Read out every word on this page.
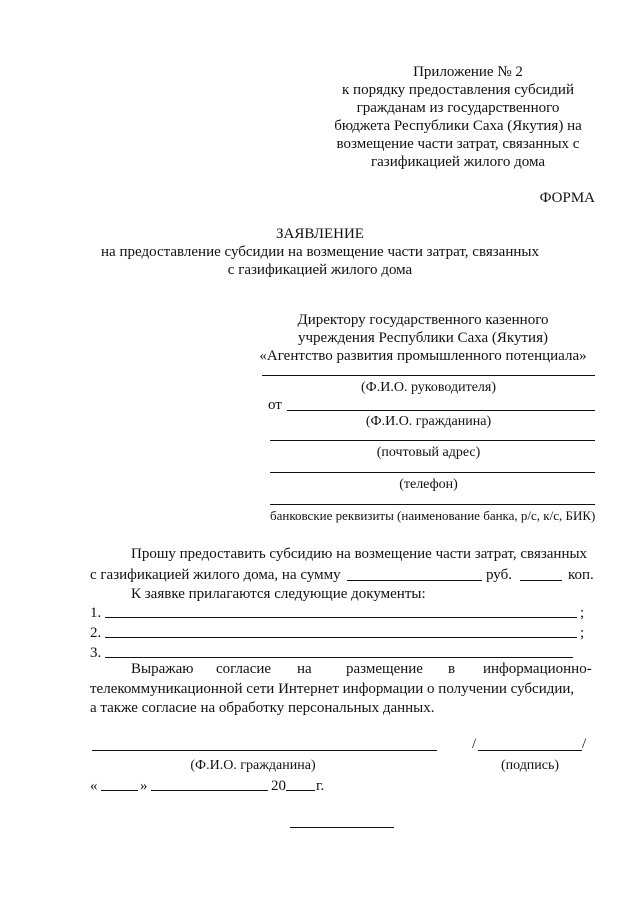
Приложение № 2
к порядку предоставления субсидий
гражданам из государственного
бюджета Республики Саха (Якутия) на
возмещение части затрат, связанных с
газификацией жилого дома
ФОРМА
ЗАЯВЛЕНИЕ
на предоставление субсидии на возмещение части затрат, связанных
с газификацией жилого дома
Директору государственного казенного
учреждения Республики Саха (Якутия)
«Агентство развития промышленного потенциала»
(Ф.И.О. руководителя)
от
(Ф.И.О. гражданина)
(почтовый адрес)
(телефон)
банковские реквизиты (наименование банка, р/с, к/с, БИК)
Прошу предоставить субсидию на возмещение части затрат, связанных
с газификацией жилого дома, на сумму	руб.	коп.
К заявке прилагаются следующие документы:
1.	;
2.	;
3.
Выражаю согласие на размещение в информационно-
телекоммуникационной сети Интернет информации о получении субсидии,
а также согласие на обработку персональных данных.
/	/
(Ф.И.О. гражданина)	(подпись)
«	»	20 г.
